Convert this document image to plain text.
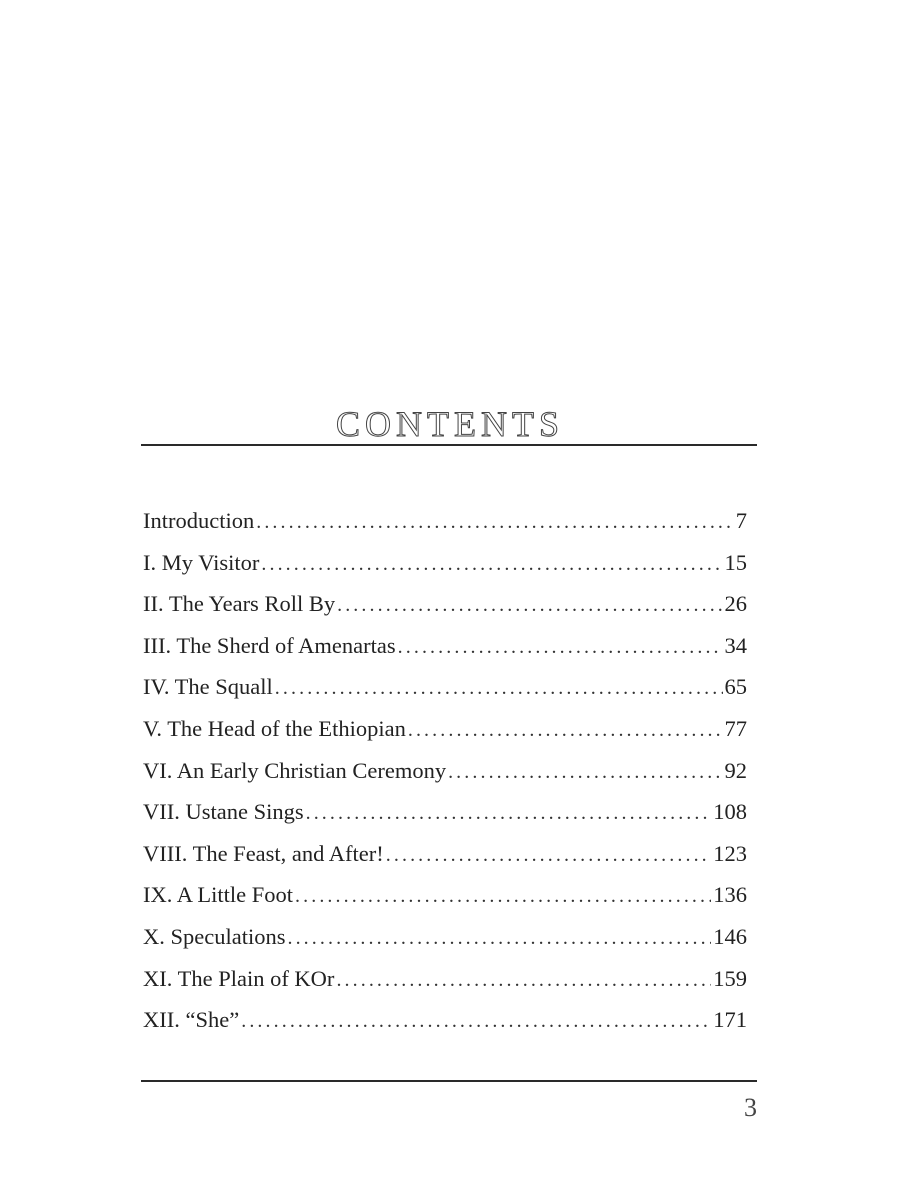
CONTENTS
Introduction .....	7
I. My Visitor .....	15
II. The Years Roll By .....	26
III. The Sherd of Amenartas .....	34
IV. The Squall .....	65
V. The Head of the Ethiopian .....	77
VI. An Early Christian Ceremony .....	92
VII. Ustane Sings .....	108
VIII. The Feast, and After! .....	123
IX. A Little Foot .....	136
X. Speculations .....	146
XI. The Plain of KOr .....	159
XII. “She” .....	171
3
